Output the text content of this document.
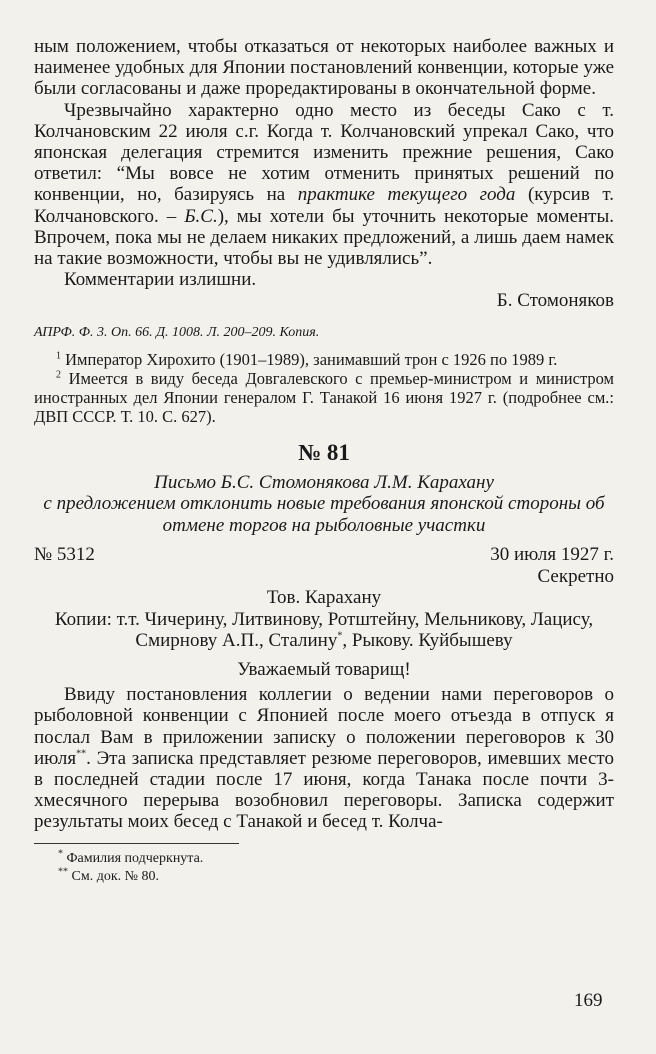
ным положением, чтобы отказаться от некоторых наиболее важных и наименее удобных для Японии постановлений конвенции, которые уже были согласованы и даже проредактированы в окончательной форме.

Чрезвычайно характерно одно место из беседы Сако с т. Колчановским 22 июля с.г. Когда т. Колчановский упрекал Сако, что японская делегация стремится изменить прежние решения, Сако ответил: “Мы вовсе не хотим отменить принятых решений по конвенции, но, базируясь на практике текущего года (курсив т. Колчановского. – Б.С.), мы хотели бы уточнить некоторые моменты. Впрочем, пока мы не делаем никаких предложений, а лишь даем намек на такие возможности, чтобы вы не удивлялись”.

Комментарии излишни.

Б. Стомоняков

АПРФ. Ф. 3. Оп. 66. Д. 1008. Л. 200–209. Копия.

$^1$ Император Хирохито (1901–1989), занимавший трон с 1926 по 1989 г.

$^2$ Имеется в виду беседа Довгалевского с премьер-министром и министром иностранных дел Японии генералом Г. Танакой 16 июня 1927 г. (подробнее см.: ДВП СССР. Т. 10. С. 627).

№ 81

Письмо Б.С. Стомонякова Л.М. Карахану

с предложением отклонить новые требования японской стороны об отмене торгов на рыболовные участки

№ 5312	30 июля 1927 г.

Секретно

Тов. Карахану

Копии: т.т. Чичерину, Литвинову, Ротштейну, Мельникову, Лацису, Смирнову А.П., Сталину*, Рыкову. Куйбышеву

Уважаемый товарищ!

Ввиду постановления коллегии о ведении нами переговоров о рыболовной конвенции с Японией после моего отъезда в отпуск я послал Вам в приложении записку о положении переговоров к 30 июля**. Эта записка представляет резюме переговоров, имевших место в последней стадии после 17 июня, когда Танака после почти 3-хмесячного перерыва возобновил переговоры. Записка содержит результаты моих бесед с Танакой и бесед т. Колча-

* Фамилия подчеркнута.

** См. док. № 80.

169
